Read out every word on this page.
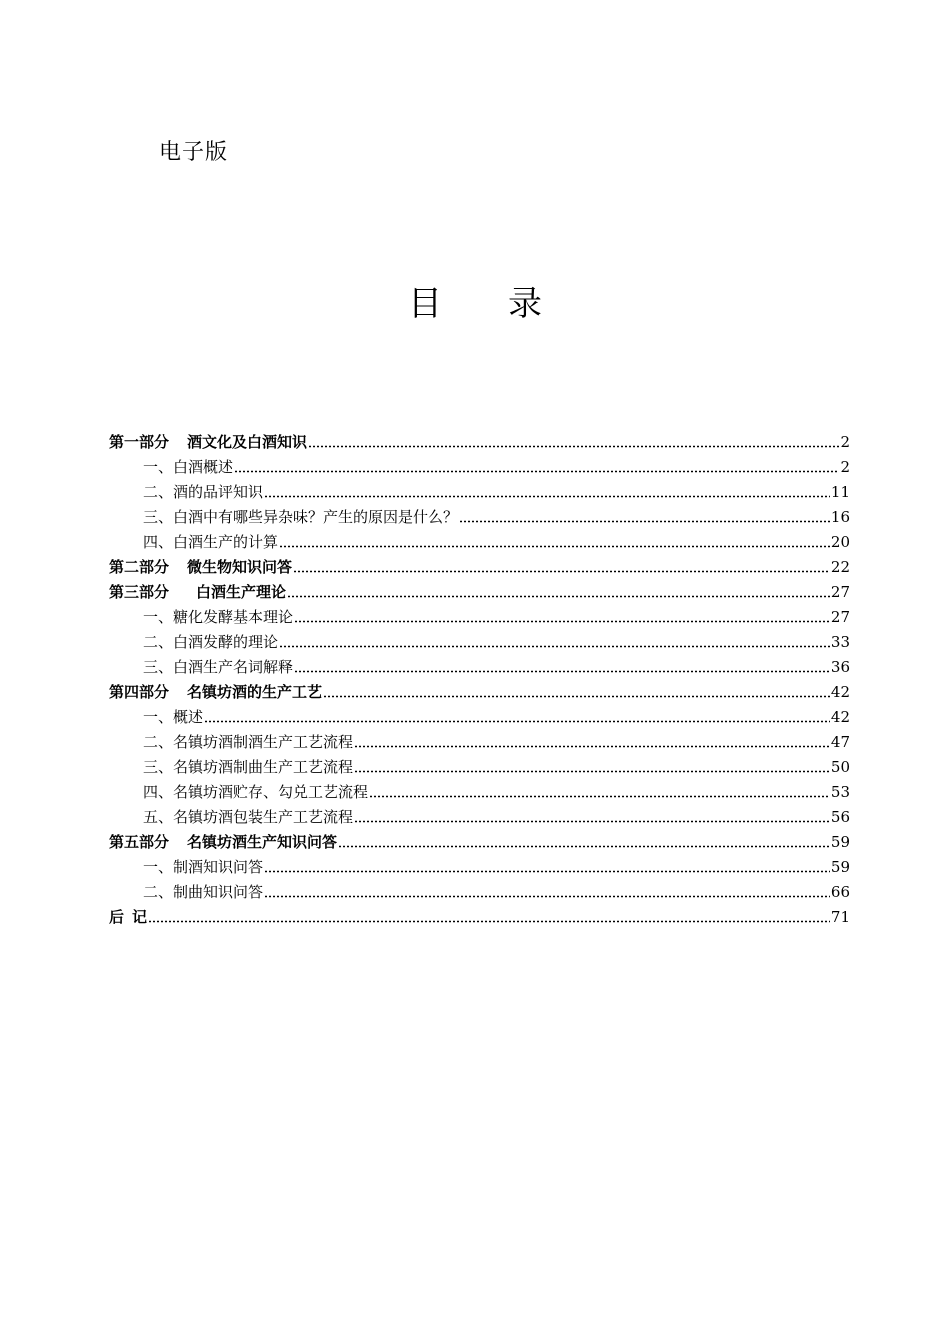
电子版
目 录
第一部分 酒文化及白酒知识	2
一、 白酒概述	2
二、 酒的品评知识	11
三、 白酒中有哪些异杂味？产生的原因是什么？	16
四、 白酒生产的计算	20
第二部分 微生物知识问答	22
第三部分 白酒生产理论	27
一、 糖化发酵基本理论	27
二、 白酒发酵的理论	33
三、 白酒生产名词解释	36
第四部分 名镇坊酒的生产工艺	42
一、 概述	42
二、 名镇坊酒制酒生产工艺流程	47
三、 名镇坊酒制曲生产工艺流程	50
四、 名镇坊酒贮存、勾兑工艺流程	53
五、 名镇坊酒包装生产工艺流程	56
第五部分 名镇坊酒生产知识问答	59
一、 制酒知识问答	59
二、 制曲知识问答	66
后 记	71
